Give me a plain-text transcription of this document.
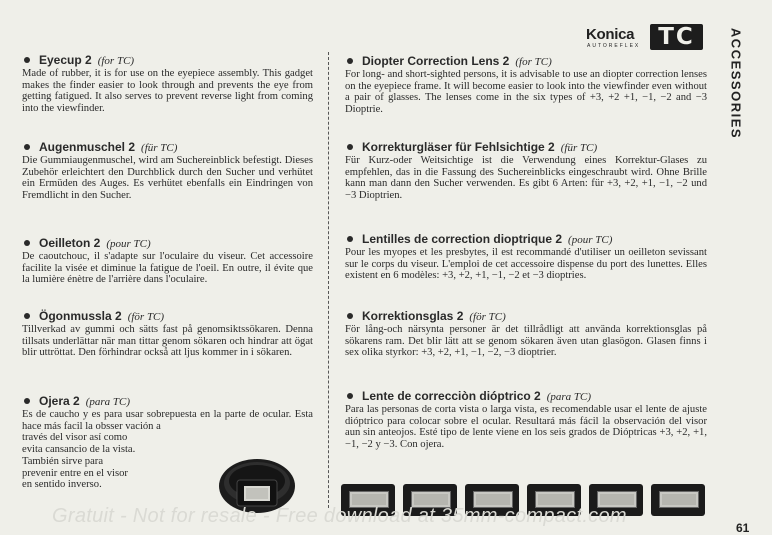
Konica
AUTOREFLEX TC	ACCESSORIES
Eyecup 2 (for TC)
Made of rubber, it is for use on the eyepiece assembly. This gadget makes the finder easier to look through and prevents the eye from getting fatigued. It also serves to prevent reverse light from coming into the viewfinder.
Augenmuschel 2 (für TC)
Die Gummiaugenmuschel, wird am Suchereinblick befestigt. Dieses Zubehör erleichtert den Durchblick durch den Sucher und verhütet ein Ermüden des Auges. Es verhütet ebenfalls ein Eindringen von Fremdlicht in den Sucher.
Oeilleton 2 (pour TC)
De caoutchouc, il s'adapte sur l'oculaire du viseur. Cet accessoire facilite la visée et diminue la fatigue de l'oeil. En outre, il évite que la lumière énètre de l'arrière dans l'oculaire.
Ögonmussla 2 (för TC)
Tillverkad av gummi och sätts fast på genomsiktssökaren. Denna tillsats underlättar när man tittar genom sökaren och hindrar att ögat blir uttröttat. Den förhindrar också att ljus kommer in i sökaren.
Ojera 2 (para TC)
Es de caucho y es para usar sobrepuesta en la parte de ocular. Esta hace más facil la obsser vación a
través del visor así como evita cansancio de la vista. También sirve para prevenir entre en el visor en sentido inverso.
Diopter Correction Lens 2 (for TC)
For long- and short-sighted persons, it is advisable to use an diopter correction lenses on the eyepiece frame. It will become easier to look into the viewfinder even without a pair of glasses. The lenses come in the six types of +3, +2 +1, −1, −2 and −3 Dioptrie.
Korrekturgläser für Fehlsichtige 2 (für TC)
Für Kurz-oder Weitsichtige ist die Verwendung eines Korrektur-Glases zu empfehlen, das in die Fassung des Suchereinblicks eingeschraubt wird. Ohne Brille kann man dann den Sucher verwenden. Es gibt 6 Arten: für +3, +2, +1, −1, −2 und −3 Dioptrien.
Lentilles de correction dioptrique 2 (pour TC)
Pour les myopes et les presbytes, il est recommandé d'utiliser un oeilleton sevissant sur le corps du viseur. L'emploi de cet accessoire dispense du port des lunettes. Elles existent en 6 modèles: +3, +2, +1, −1, −2 et −3 dioptries.
Korrektionsglas 2 (för TC)
För lång-och närsynta personer är det tillrådligt att använda korrektionsglas på sökarens ram. Det blir lätt att se genom sökaren även utan glasögon. Glasen finns i sex olika styrkor: +3, +2, +1, −1, −2, −3 dioptrier.
Lente de correcciòn dióptrico 2 (para TC)
Para las personas de corta vista o larga vista, es recomendable usar el lente de ajuste dióptrico para colocar sobre el ocular. Resultará más fácil la observación del visor aun sin anteojos. Esté tipo de lente viene en los seis grados de Dióptricas +3, +2, +1, −1, −2 y −3. Con ojera.
Gratuit - Not for resale - Free download at 35mm-compact.com
61
